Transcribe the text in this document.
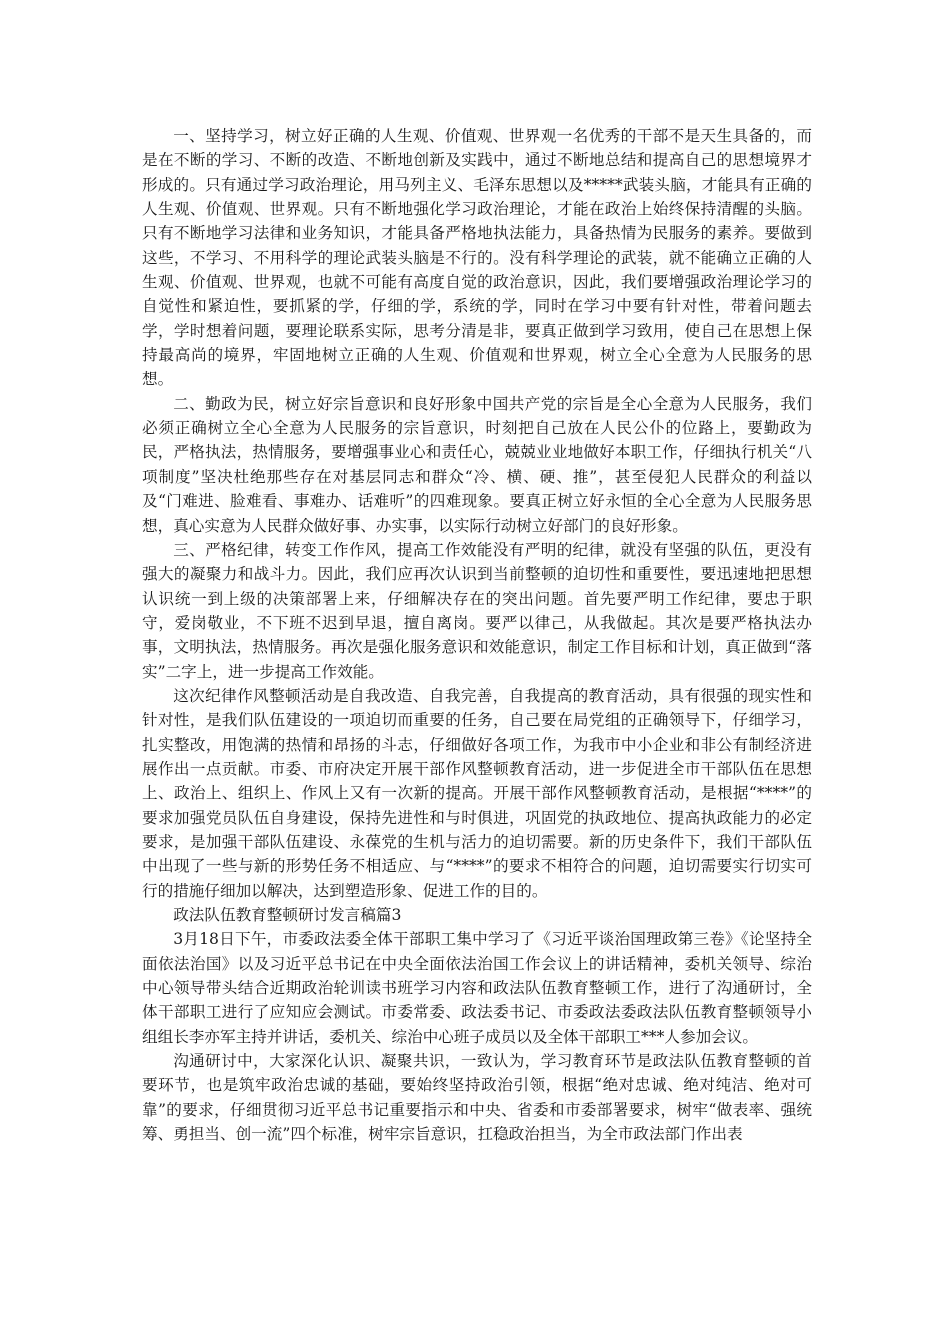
一、坚持学习，树立好正确的人生观、价值观、世界观一名优秀的干部不是天生具备的，而是在不断的学习、不断的改造、不断地创新及实践中，通过不断地总结和提高自己的思想境界才形成的。只有通过学习政治理论，用马列主义、毛泽东思想以及*****武装头脑，才能具有正确的人生观、价值观、世界观。只有不断地强化学习政治理论，才能在政治上始终保持清醒的头脑。只有不断地学习法律和业务知识，才能具备严格地执法能力，具备热情为民服务的素养。要做到这些，不学习、不用科学的理论武装头脑是不行的。没有科学理论的武装，就不能确立正确的人生观、价值观、世界观，也就不可能有高度自觉的政治意识，因此，我们要增强政治理论学习的自觉性和紧迫性，要抓紧的学，仔细的学，系统的学，同时在学习中要有针对性，带着问题去学，学时想着问题，要理论联系实际，思考分清是非，要真正做到学习致用，使自己在思想上保持最高尚的境界，牢固地树立正确的人生观、价值观和世界观，树立全心全意为人民服务的思想。

二、勤政为民，树立好宗旨意识和良好形象中国共产党的宗旨是全心全意为人民服务，我们必须正确树立全心全意为人民服务的宗旨意识，时刻把自己放在人民公仆的位路上，要勤政为民，严格执法，热情服务，要增强事业心和责任心，兢兢业业地做好本职工作，仔细执行机关“八项制度”坚决杜绝那些存在对基层同志和群众“冷、横、硬、推”，甚至侵犯人民群众的利益以及“门难进、脸难看、事难办、话难听”的四难现象。要真正树立好永恒的全心全意为人民服务思想，真心实意为人民群众做好事、办实事，以实际行动树立好部门的良好形象。

三、严格纪律，转变工作作风，提高工作效能没有严明的纪律，就没有坚强的队伍，更没有强大的凝聚力和战斗力。因此，我们应再次认识到当前整顿的迫切性和重要性，要迅速地把思想认识统一到上级的决策部署上来，仔细解决存在的突出问题。首先要严明工作纪律，要忠于职守，爱岗敬业，不下班不迟到早退，擅自离岗。要严以律己，从我做起。其次是要严格执法办事，文明执法，热情服务。再次是强化服务意识和效能意识，制定工作目标和计划，真正做到“落实”二字上，进一步提高工作效能。

这次纪律作风整顿活动是自我改造、自我完善，自我提高的教育活动，具有很强的现实性和针对性，是我们队伍建设的一项迫切而重要的任务，自己要在局党组的正确领导下，仔细学习，扎实整改，用饱满的热情和昂扬的斗志，仔细做好各项工作，为我市中小企业和非公有制经济进展作出一点贡献。市委、市府决定开展干部作风整顿教育活动，进一步促进全市干部队伍在思想上、政治上、组织上、作风上又有一次新的提高。开展干部作风整顿教育活动，是根据“****”的要求加强党员队伍自身建设，保持先进性和与时俱进，巩固党的执政地位、提高执政能力的必定要求，是加强干部队伍建设、永葆党的生机与活力的迫切需要。新的历史条件下，我们干部队伍中出现了一些与新的形势任务不相适应、与“****”的要求不相符合的问题，迫切需要实行切实可行的措施仔细加以解决，达到塑造形象、促进工作的目的。

政法队伍教育整顿研讨发言稿篇3

3月18日下午，市委政法委全体干部职工集中学习了《习近平谈治国理政第三卷》《论坚持全面依法治国》以及习近平总书记在中央全面依法治国工作会议上的讲话精神，委机关领导、综治中心领导带头结合近期政治轮训读书班学习内容和政法队伍教育整顿工作，进行了沟通研讨，全体干部职工进行了应知应会测试。市委常委、政法委书记、市委政法委政法队伍教育整顿领导小组组长李亦军主持并讲话，委机关、综治中心班子成员以及全体干部职工***人参加会议。

沟通研讨中，大家深化认识、凝聚共识，一致认为，学习教育环节是政法队伍教育整顿的首要环节，也是筑牢政治忠诚的基础，要始终坚持政治引领，根据“绝对忠诚、绝对纯洁、绝对可靠”的要求，仔细贯彻习近平总书记重要指示和中央、省委和市委部署要求，树牢“做表率、强统筹、勇担当、创一流”四个标准，树牢宗旨意识，扛稳政治担当，为全市政法部门作出表
